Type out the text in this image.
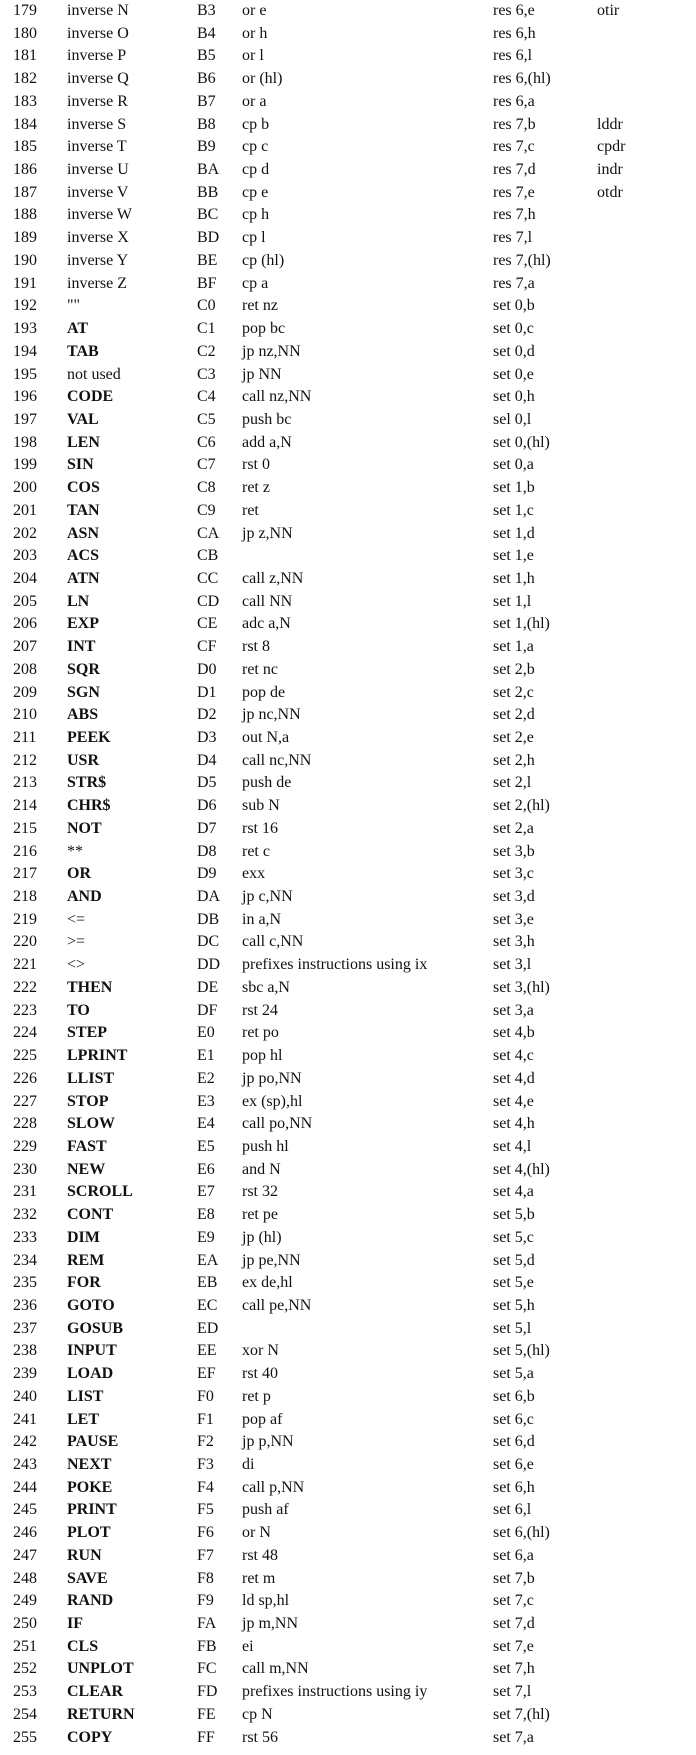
179 inverse N	B3 or e	res 6,e	otir
180 inverse O	B4 or h	res 6,h
181 inverse P	B5 or l	res 6,l
182 inverse Q	B6 or (hl)	res 6,(hl)
183 inverse R	B7 or a	res 6,a
184 inverse S	B8 cp b	res 7,b	lddr
185 inverse T	B9 cp c	res 7,c	cpdr
186 inverse U	BA cp d	res 7,d	indr
187 inverse V	BB cp e	res 7,e	otdr
188 inverse W	BC cp h	res 7,h
189 inverse X	BD cp l	res 7,l
190 inverse Y	BE cp (hl)	res 7,(hl)
191 inverse Z	BF cp a	res 7,a
192 ""	C0 ret nz	set 0,b
193 AT	C1 pop bc	set 0,c
194 TAB	C2 jp nz,NN	set 0,d
195 not used	C3 jp NN	set 0,e
196 CODE	C4 call nz,NN	set 0,h
197 VAL	C5 push bc	sel 0,l
198 LEN	C6 add a,N	set 0,(hl)
199 SIN	C7 rst 0	set 0,a
200 COS	C8 ret z	set 1,b
201 TAN	C9 ret	set 1,c
202 ASN	CA jp z,NN	set 1,d
203 ACS	CB	set 1,e
204 ATN	CC call z,NN	set 1,h
205 LN	CD call NN	set 1,l
206 EXP	CE adc a,N	set 1,(hl)
207 INT	CF rst 8	set 1,a
208 SQR	D0 ret nc	set 2,b
209 SGN	D1 pop de	set 2,c
210 ABS	D2 jp nc,NN	set 2,d
211 PEEK	D3 out N,a	set 2,e
212 USR	D4 call nc,NN	set 2,h
213 STR$	D5 push de	set 2,l
214 CHR$	D6 sub N	set 2,(hl)
215 NOT	D7 rst 16	set 2,a
216 **	D8 ret c	set 3,b
217 OR	D9 exx	set 3,c
218 AND	DA jp c,NN	set 3,d
219 <=	DB in a,N	set 3,e
220 >=	DC call c,NN	set 3,h
221 <>	DD prefixes instructions using ix	set 3,l
222 THEN	DE sbc a,N	set 3,(hl)
223 TO	DF rst 24	set 3,a
224 STEP	E0 ret po	set 4,b
225 LPRINT	E1 pop hl	set 4,c
226 LLIST	E2 jp po,NN	set 4,d
227 STOP	E3 ex (sp),hl	set 4,e
228 SLOW	E4 call po,NN	set 4,h
229 FAST	E5 push hl	set 4,l
230 NEW	E6 and N	set 4,(hl)
231 SCROLL	E7 rst 32	set 4,a
232 CONT	E8 ret pe	set 5,b
233 DIM	E9 jp (hl)	set 5,c
234 REM	EA jp pe,NN	set 5,d
235 FOR	EB ex de,hl	set 5,e
236 GOTO	EC call pe,NN	set 5,h
237 GOSUB	ED	set 5,l
238 INPUT	EE xor N	set 5,(hl)
239 LOAD	EF rst 40	set 5,a
240 LIST	F0 ret p	set 6,b
241 LET	F1 pop af	set 6,c
242 PAUSE	F2 jp p,NN	set 6,d
243 NEXT	F3 di	set 6,e
244 POKE	F4 call p,NN	set 6,h
245 PRINT	F5 push af	set 6,l
246 PLOT	F6 or N	set 6,(hl)
247 RUN	F7 rst 48	set 6,a
248 SAVE	F8 ret m	set 7,b
249 RAND	F9 ld sp,hl	set 7,c
250 IF	FA jp m,NN	set 7,d
251 CLS	FB ei	set 7,e
252 UNPLOT	FC call m,NN	set 7,h
253 CLEAR	FD prefixes instructions using iy	set 7,l
254 RETURN	FE cp N	set 7,(hl)
255 COPY	FF rst 56	set 7,a
